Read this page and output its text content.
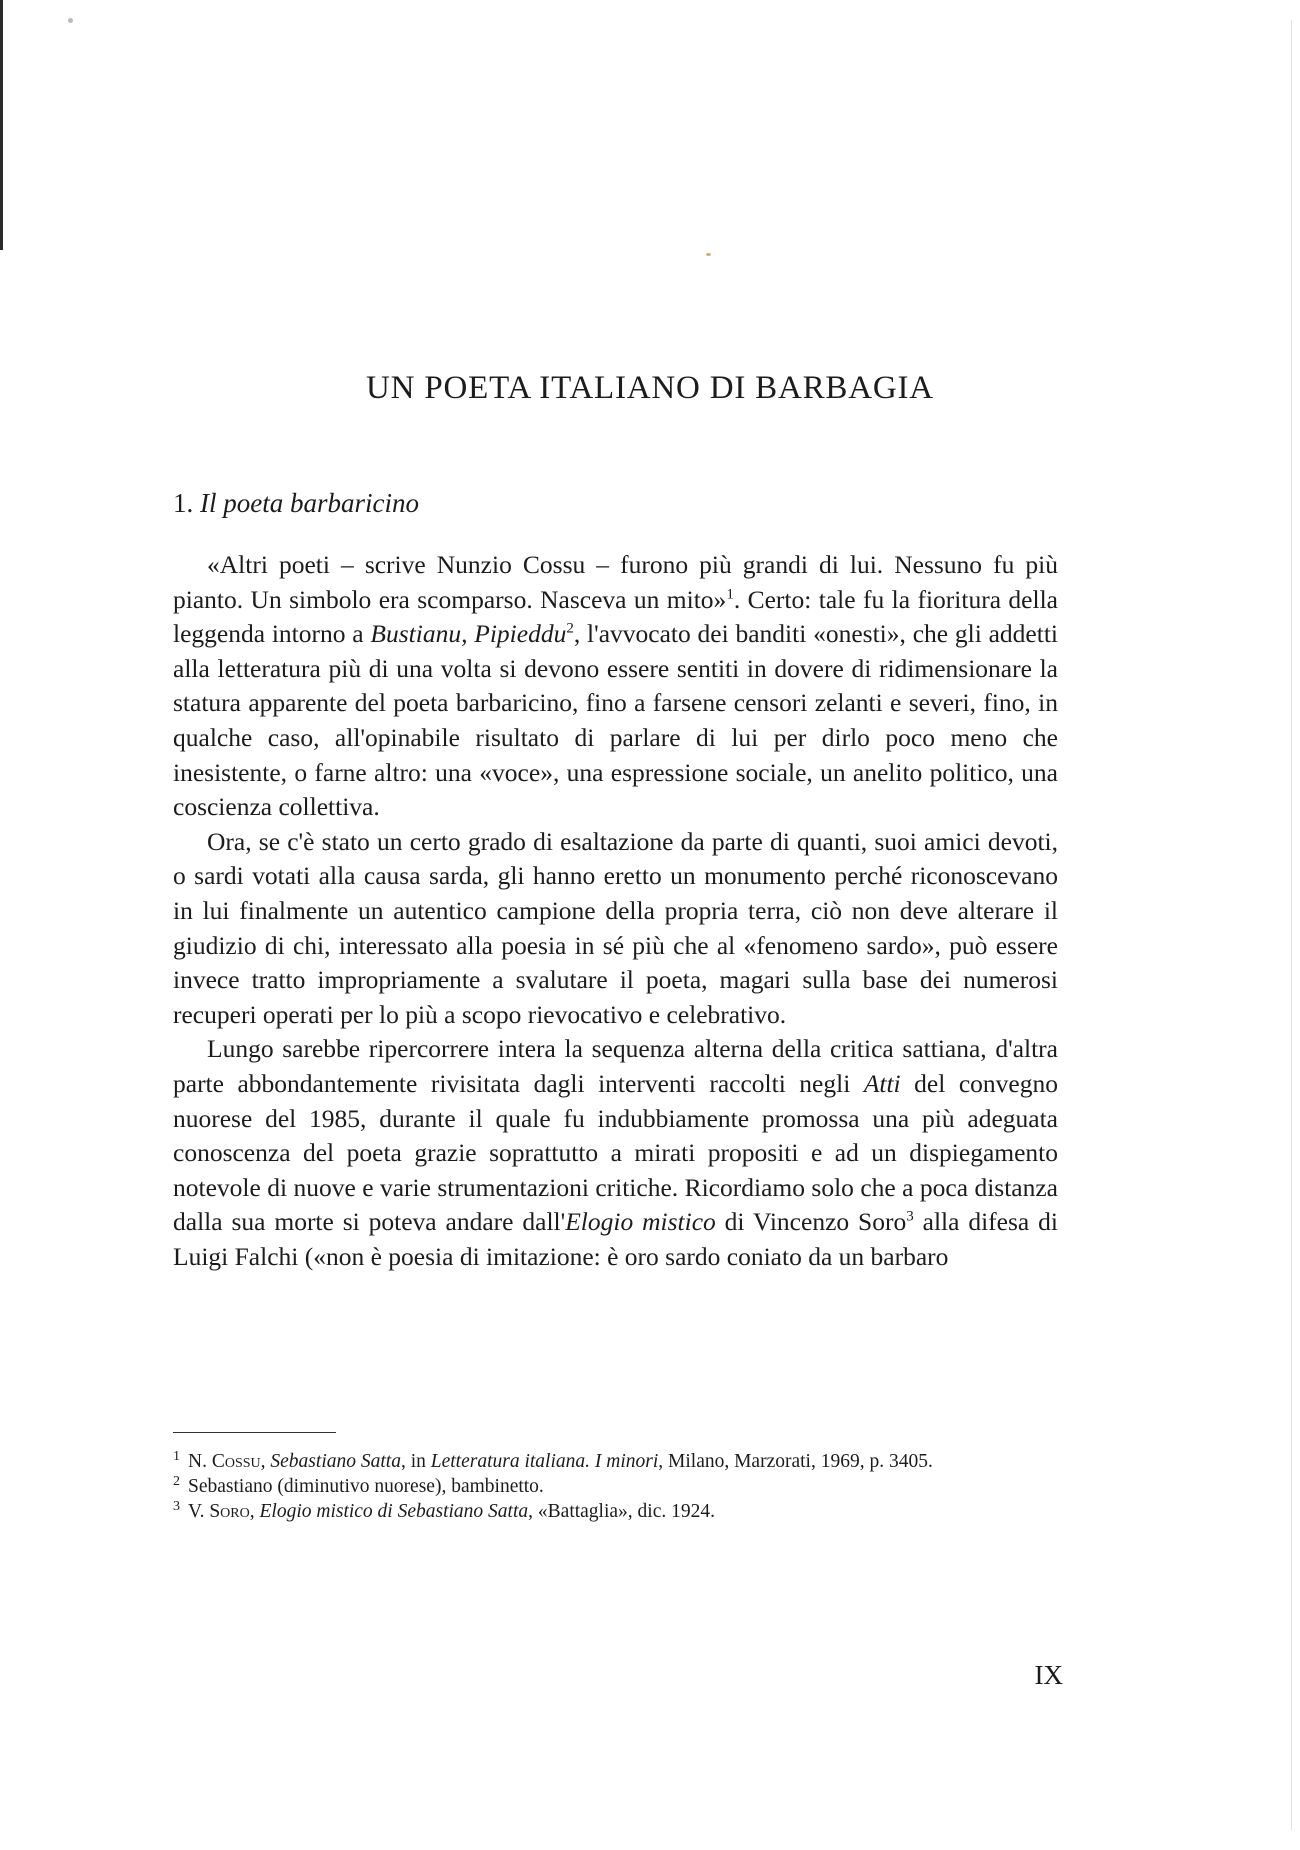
UN POETA ITALIANO DI BARBAGIA
1. Il poeta barbaricino

«Altri poeti – scrive Nunzio Cossu – furono più grandi di lui. Nessuno fu più pianto. Un simbolo era scomparso. Nasceva un mito»$^1$. Certo: tale fu la fioritura della leggenda intorno a Bustianu, Pipieddu$^2$, l'avvocato dei banditi «onesti», che gli addetti alla letteratura più di una volta si devono essere sentiti in dovere di ridimensionare la statura apparente del poeta barbaricino, fino a farsene censori zelanti e severi, fino, in qualche caso, all'opinabile risultato di parlare di lui per dirlo poco meno che inesistente, o farne altro: una «voce», una espressione sociale, un anelito politico, una coscienza collettiva.

Ora, se c'è stato un certo grado di esaltazione da parte di quanti, suoi amici devoti, o sardi votati alla causa sarda, gli hanno eretto un monumento perché riconoscevano in lui finalmente un autentico campione della propria terra, ciò non deve alterare il giudizio di chi, interessato alla poesia in sé più che al «fenomeno sardo», può essere invece tratto impropriamente a svalutare il poeta, magari sulla base dei numerosi recuperi operati per lo più a scopo rievocativo e celebrativo.

Lungo sarebbe ripercorrere intera la sequenza alterna della critica sattiana, d'altra parte abbondantemente rivisitata dagli interventi raccolti negli Atti del convegno nuorese del 1985, durante il quale fu indubbiamente promossa una più adeguata conoscenza del poeta grazie soprattutto a mirati propositi e ad un dispiegamento notevole di nuove e varie strumentazioni critiche. Ricordiamo solo che a poca distanza dalla sua morte si poteva andare dall'Elogio mistico di Vincenzo Soro$^3$ alla difesa di Luigi Falchi («non è poesia di imitazione: è oro sardo coniato da un barbaro

$^1$ N. Cossu, Sebastiano Satta, in Letteratura italiana. I minori, Milano, Marzorati, 1969, p. 3405.

$^2$ Sebastiano (diminutivo nuorese), bambinetto.

$^3$ V. Soro, Elogio mistico di Sebastiano Satta, «Battaglia», dic. 1924.

IX
